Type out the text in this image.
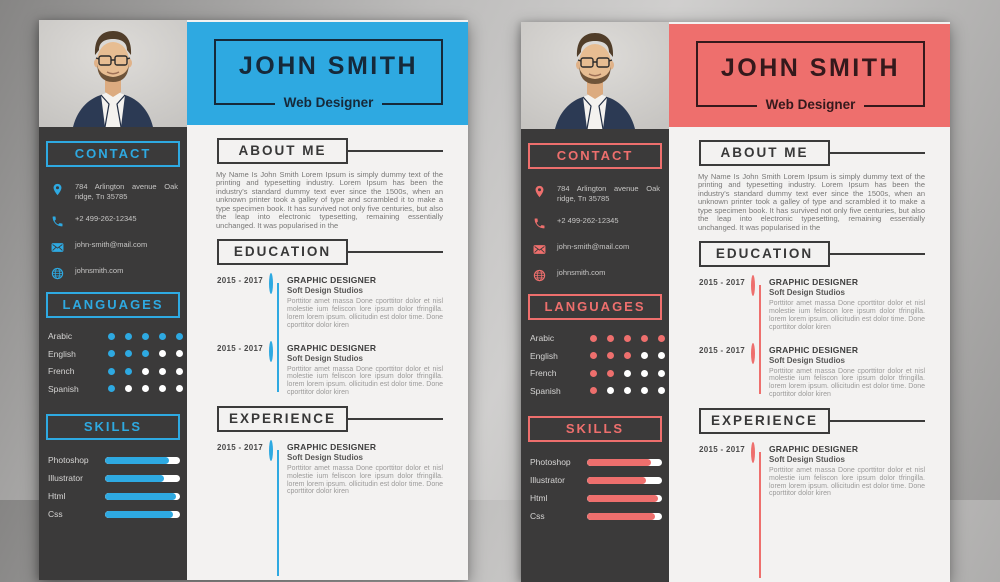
CONTACT

784 Arlington avenue Oak ridge, Tn 35785

+2 499-262-12345

john-smith@mail.com

johnsmith.com

LANGUAGES
Arabic
English
French
Spanish
SKILLS
Photoshop
Illustrator
Html
Css
JOHN SMITH
Web Designer
ABOUT ME

My Name Is John Smith Lorem Ipsum is simply dummy text of the printing and typesetting industry. Lorem Ipsum has been the industry's standard dummy text ever since the 1500s, when an unknown printer took a galley of type and scrambled it to make a type specimen book. It has survived not only five centuries, but also the leap into electronic typesetting, remaining essentially unchanged. It was popularised in the

EDUCATION
2015 - 2017	GRAPHIC DESIGNER

Soft Design Studios

Porttitor amet massa Done cporttitor dolor et nisl molestie ium feliscon lore ipsum dolor tfringilla. lorem lorem ipsum. ollicitudin est dolor time. Done cporttitor dolor kiren

2015 - 2017	GRAPHIC DESIGNER

Soft Design Studios

Porttitor amet massa Done cporttitor dolor et nisl molestie ium feliscon lore ipsum dolor tfringilla. lorem lorem ipsum. ollicitudin est dolor time. Done cporttitor dolor kiren

EXPERIENCE
2015 - 2017	GRAPHIC DESIGNER

Soft Design Studios

Porttitor amet massa Done cporttitor dolor et nisl molestie ium feliscon lore ipsum dolor tfringilla. lorem lorem ipsum. ollicitudin est dolor time. Done cporttitor dolor kiren

CONTACT

784 Arlington avenue Oak ridge, Tn 35785

+2 499-262-12345

john-smith@mail.com

johnsmith.com

LANGUAGES
Arabic
English
French
Spanish
SKILLS
Photoshop
Illustrator
Html
Css
JOHN SMITH
Web Designer
ABOUT ME

My Name Is John Smith Lorem Ipsum is simply dummy text of the printing and typesetting industry. Lorem Ipsum has been the industry's standard dummy text ever since the 1500s, when an unknown printer took a galley of type and scrambled it to make a type specimen book. It has survived not only five centuries, but also the leap into electronic typesetting, remaining essentially unchanged. It was popularised in the

EDUCATION
2015 - 2017	GRAPHIC DESIGNER

Soft Design Studios

Porttitor amet massa Done cporttitor dolor et nisl molestie ium feliscon lore ipsum dolor tfringilla. lorem lorem ipsum. ollicitudin est dolor time. Done cporttitor dolor kiren

2015 - 2017	GRAPHIC DESIGNER

Soft Design Studios

Porttitor amet massa Done cporttitor dolor et nisl molestie ium feliscon lore ipsum dolor tfringilla. lorem lorem ipsum. ollicitudin est dolor time. Done cporttitor dolor kiren

EXPERIENCE
2015 - 2017	GRAPHIC DESIGNER

Soft Design Studios

Porttitor amet massa Done cporttitor dolor et nisl molestie ium feliscon lore ipsum dolor tfringilla. lorem lorem ipsum. ollicitudin est dolor time. Done cporttitor dolor kiren
